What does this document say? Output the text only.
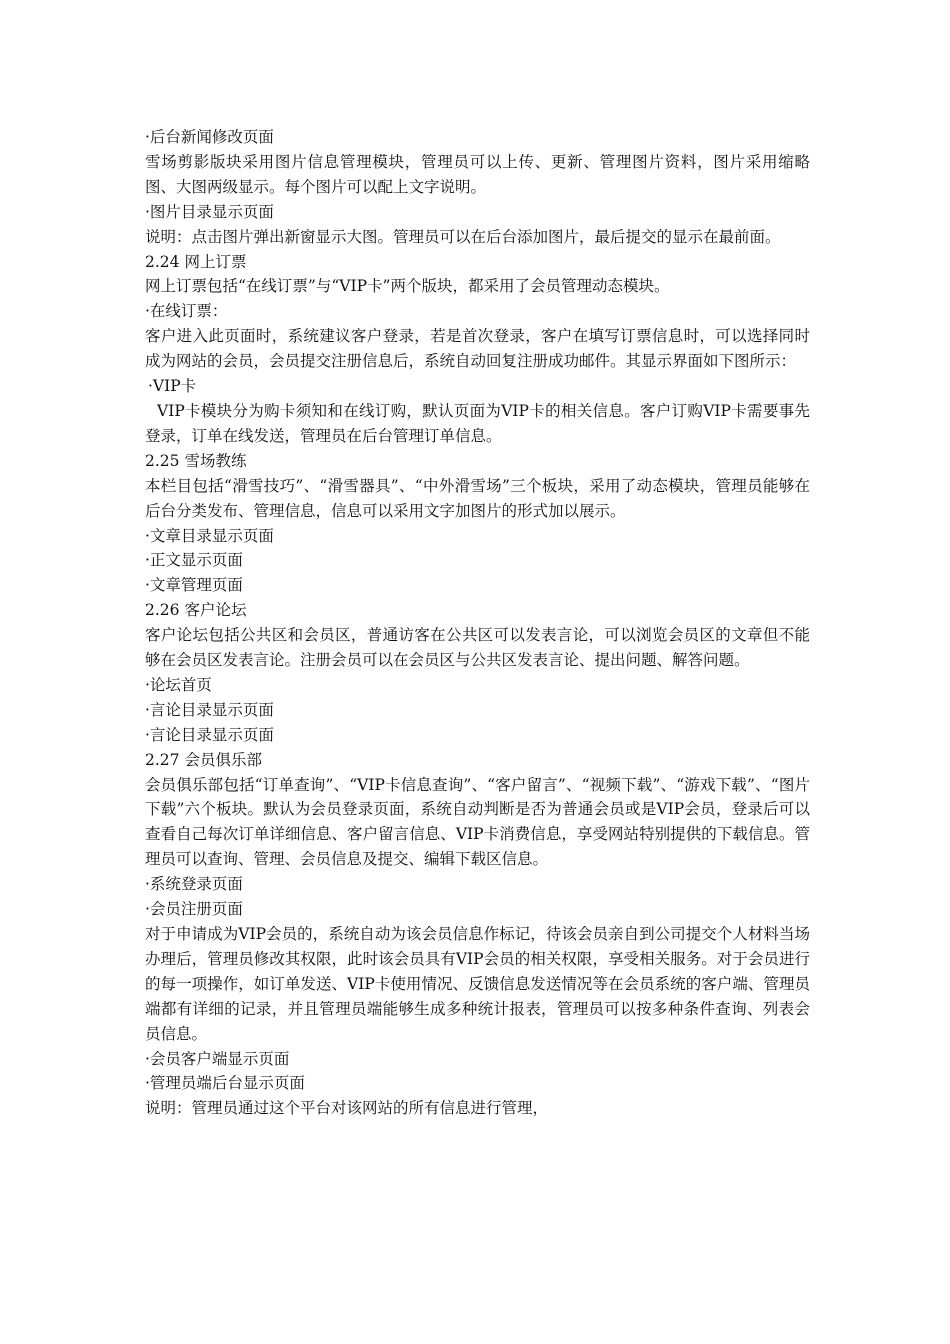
·后台新闻修改页面

雪场剪影版块采用图片信息管理模块，管理员可以上传、更新、管理图片资料，图片采用缩略图、大图两级显示。每个图片可以配上文字说明。

·图片目录显示页面

说明：点击图片弹出新窗显示大图。管理员可以在后台添加图片，最后提交的显示在最前面。

2.24 网上订票

网上订票包括“在线订票”与“VIP卡”两个版块，都采用了会员管理动态模块。

·在线订票：

客户进入此页面时，系统建议客户登录，若是首次登录，客户在填写订票信息时，可以选择同时成为网站的会员，会员提交注册信息后，系统自动回复注册成功邮件。其显示界面如下图所示：

·VIP卡

VIP卡模块分为购卡须知和在线订购，默认页面为VIP卡的相关信息。客户订购VIP卡需要事先登录，订单在线发送，管理员在后台管理订单信息。

2.25 雪场教练

本栏目包括“滑雪技巧”、“滑雪器具”、“中外滑雪场”三个板块，采用了动态模块，管理员能够在后台分类发布、管理信息，信息可以采用文字加图片的形式加以展示。

·文章目录显示页面

·正文显示页面

·文章管理页面

2.26 客户论坛

客户论坛包括公共区和会员区，普通访客在公共区可以发表言论，可以浏览会员区的文章但不能够在会员区发表言论。注册会员可以在会员区与公共区发表言论、提出问题、解答问题。

·论坛首页

·言论目录显示页面

·言论目录显示页面

2.27 会员俱乐部

会员俱乐部包括“订单查询”、“VIP卡信息查询”、“客户留言”、“视频下载”、“游戏下载”、“图片下载”六个板块。默认为会员登录页面，系统自动判断是否为普通会员或是VIP会员，登录后可以查看自己每次订单详细信息、客户留言信息、VIP卡消费信息，享受网站特别提供的下载信息。管理员可以查询、管理、会员信息及提交、编辑下载区信息。

·系统登录页面

·会员注册页面

对于申请成为VIP会员的，系统自动为该会员信息作标记，待该会员亲自到公司提交个人材料当场办理后，管理员修改其权限，此时该会员具有VIP会员的相关权限，享受相关服务。对于会员进行的每一项操作，如订单发送、VIP卡使用情况、反馈信息发送情况等在会员系统的客户端、管理员端都有详细的记录，并且管理员端能够生成多种统计报表，管理员可以按多种条件查询、列表会员信息。

·会员客户端显示页面

·管理员端后台显示页面

说明：管理员通过这个平台对该网站的所有信息进行管理，
